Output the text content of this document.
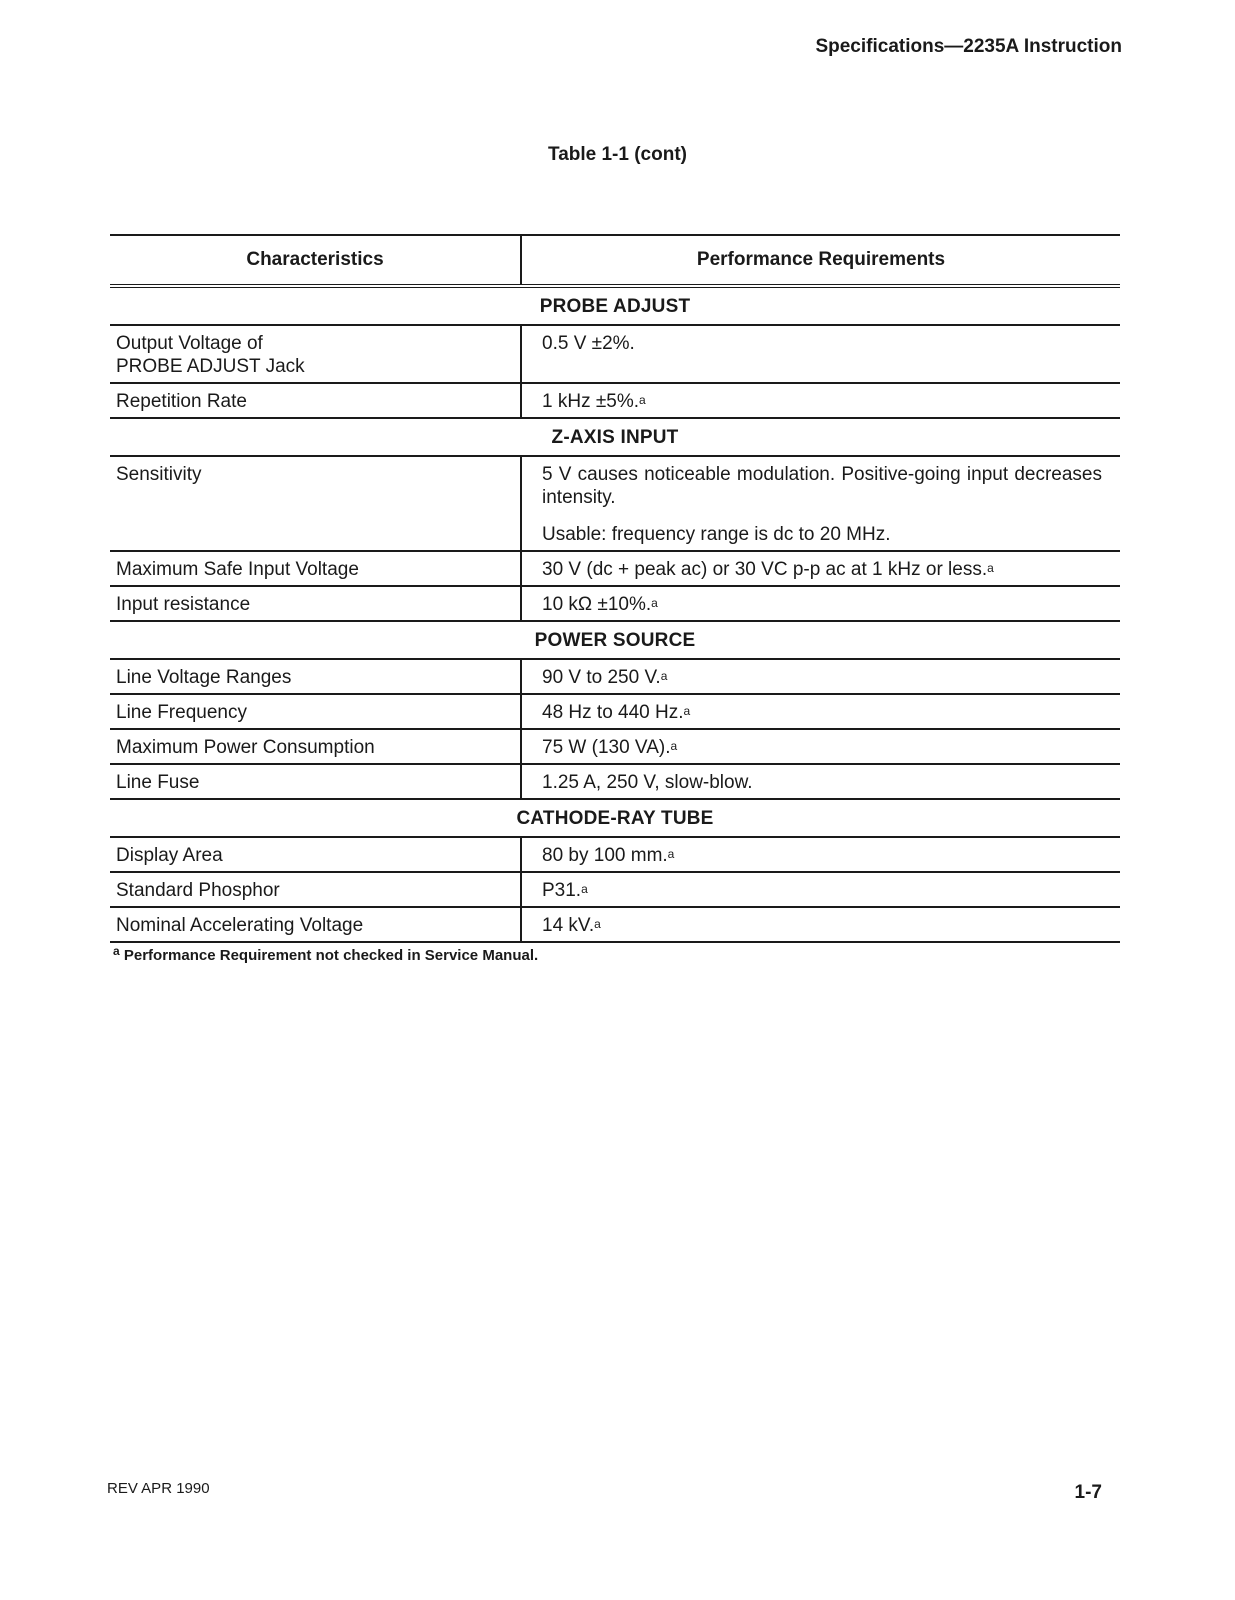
Specifications—2235A Instruction
Table 1-1 (cont)
Characteristics	Performance Requirements
PROBE ADJUST	
Output Voltage of
PROBE ADJUST Jack	0.5 V ±2%.

Repetition Rate	1 kHz ±5%.$^a$

Z-AXIS INPUT	
Sensitivity	5 V causes noticeable modulation. Positive-going input decreases intensity.
Usable: frequency range is dc to 20 MHz.

Maximum Safe Input Voltage	30 V (dc + peak ac) or 30 VC p-p ac at 1 kHz or less.$^a$

Input resistance	10 kΩ ±10%.$^a$

POWER SOURCE	
Line Voltage Ranges	90 V to 250 V.$^a$

Line Frequency	48 Hz to 440 Hz.$^a$

Maximum Power Consumption	75 W (130 VA).$^a$

Line Fuse	1.25 A, 250 V, slow-blow.

CATHODE-RAY TUBE	
Display Area	80 by 100 mm.$^a$

Standard Phosphor	P31.$^a$

Nominal Accelerating Voltage	14 kV.$^a$
$^a$ Performance Requirement not checked in Service Manual.
REV APR 1990	1-7
